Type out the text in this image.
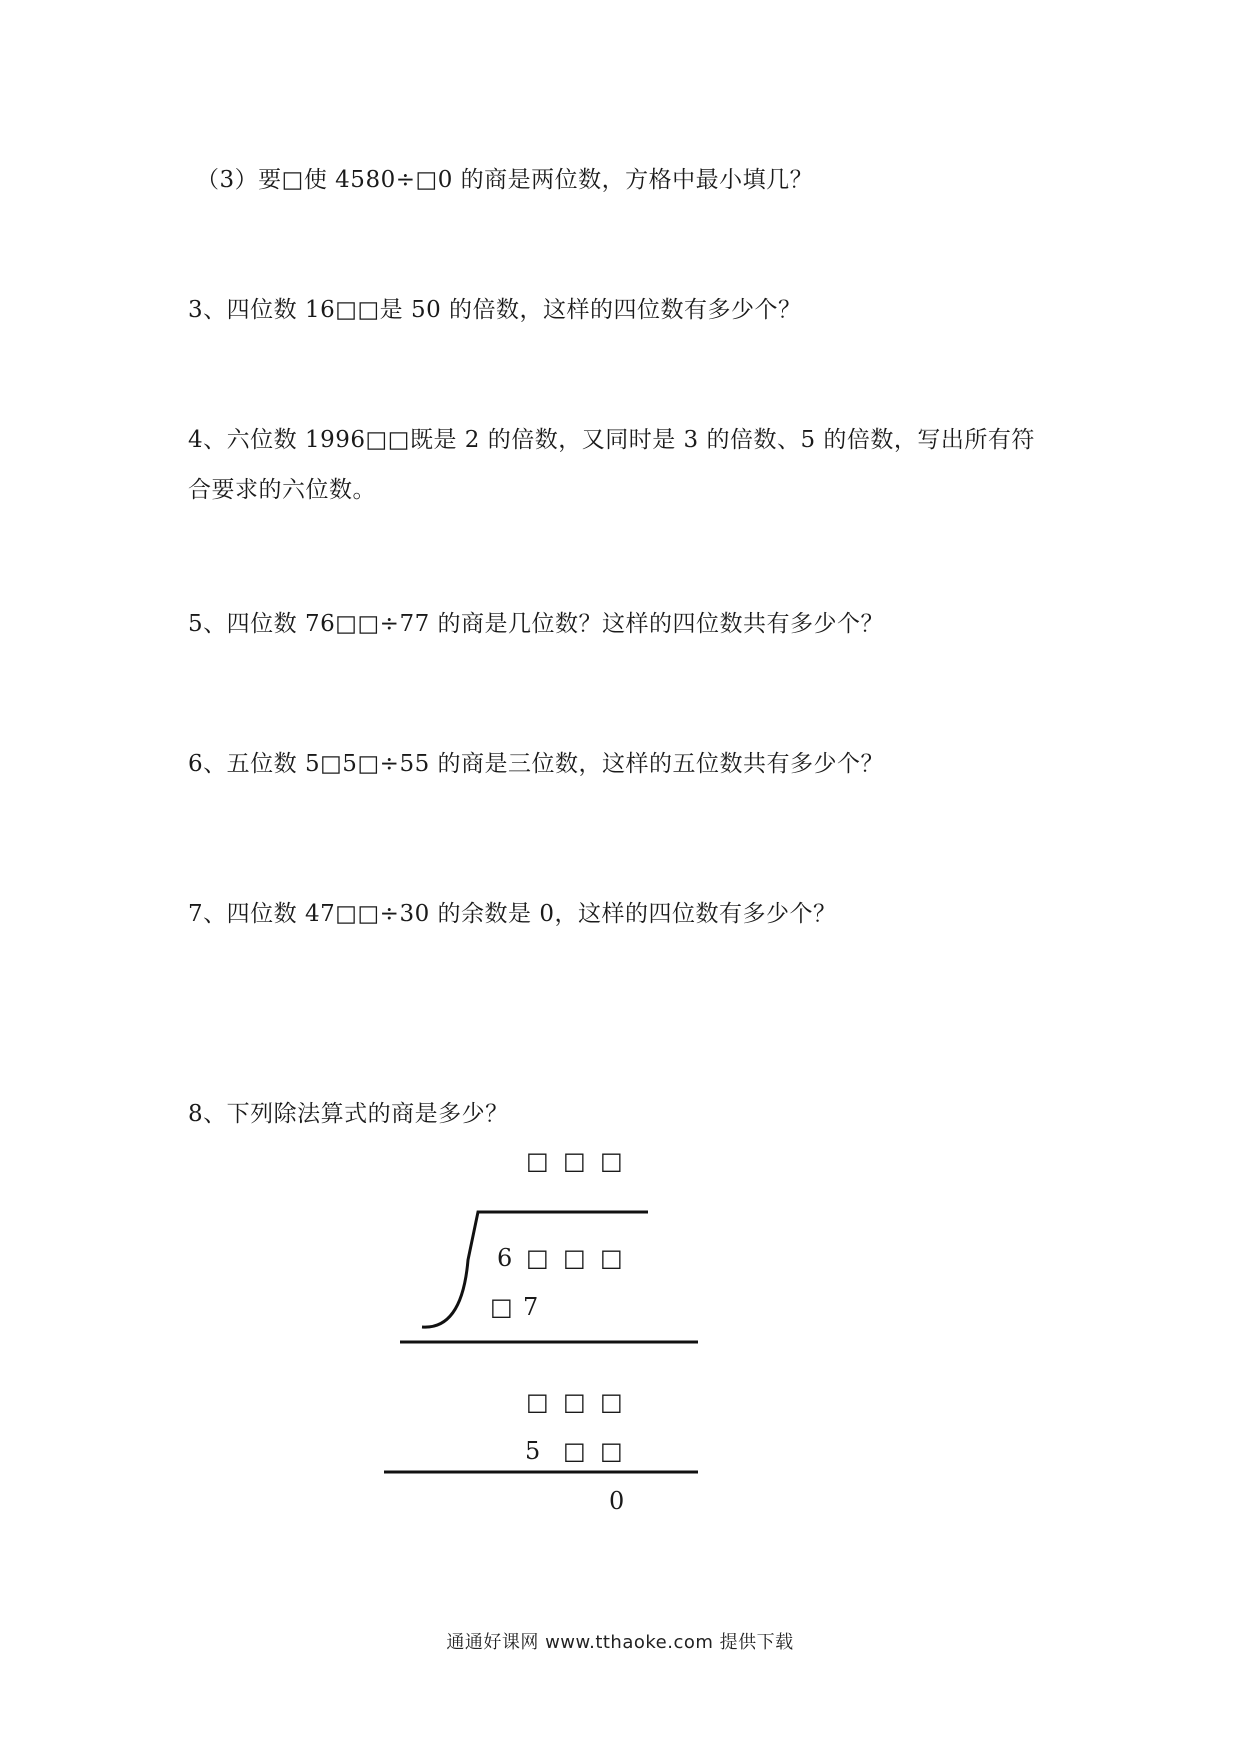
（3）要□使 4580÷□0 的商是两位数，方格中最小填几？
3、四位数 16□□是 50 的倍数，这样的四位数有多少个？
4、六位数 1996□□既是 2 的倍数，又同时是 3 的倍数、5 的倍数，写出所有符
合要求的六位数。
5、四位数 76□□÷77 的商是几位数？这样的四位数共有多少个？
6、五位数 5□5□÷55 的商是三位数，这样的五位数共有多少个？
7、四位数 47□□÷30 的余数是 0，这样的四位数有多少个？
8、下列除法算式的商是多少？
□ □ □
6 □ □ □
□ 7
□ □ □
5 □ □
0
通通好课网 www.tthaoke.com 提供下载
